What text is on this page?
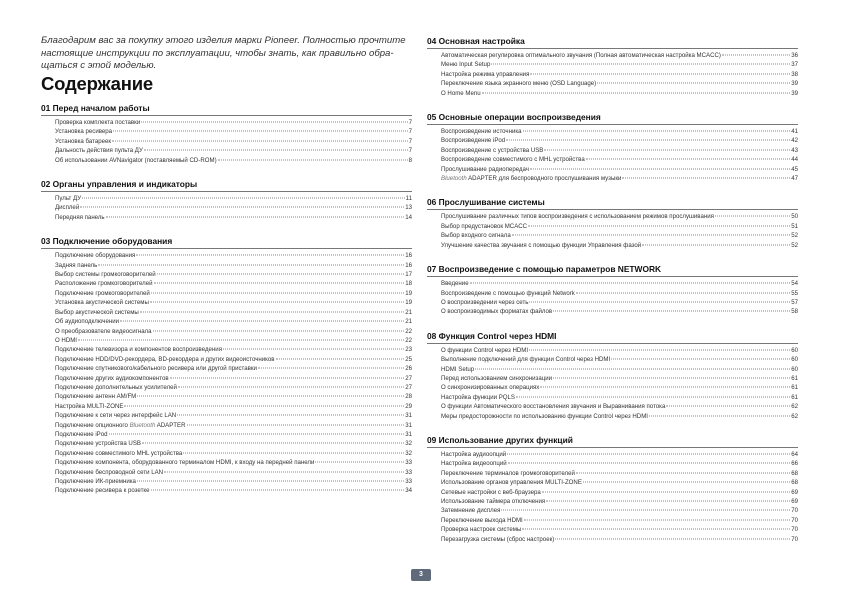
Благодарим вас за покупку этого изделия марки Pioneer. Полностью прочтите
настоящие инструкции по эксплуатации, чтобы знать, как правильно обра-
щаться с этой моделью.
Содержание
01 Перед началом работы
Проверка комплекта поставки	7
Установка ресивера	7
Установка батареек	7
Дальность действия пульта ДУ	7
Об использовании AVNavigator (поставляемый CD-ROM)	8
02 Органы управления и индикаторы
Пульт ДУ	11
Дисплей	13
Передняя панель	14
03 Подключение оборудования
Подключение оборудования	16
Задняя панель	16
Выбор системы громкоговорителей	17
Расположение громкоговорителей	18
Подключение громкоговорителей	19
Установка акустической системы	19
Выбор акустической системы	21
Об аудиоподключении	21
О преобразователе видеосигнала	22
О HDMI	22
Подключение телевизора и компонентов воспроизведения	23
Подключение HDD/DVD-рекордера, BD-рекордера и других видеоисточников	25
Подключение спутникового/кабельного ресивера или другой приставки	26
Подключение других аудиокомпонентов	27
Подключение дополнительных усилителей	27
Подключение антенн AM/FM	28
Настройка MULTI-ZONE	29
Подключение к сети через интерфейс LAN	31
Подключение опционного Bluetooth ADAPTER	31
Подключение iPod	31
Подключение устройства USB	32
Подключение совместимого MHL устройства	32
Подключение компонента, оборудованного терминалом HDMI, к входу на передней панели	33
Подключение беспроводной сети LAN	33
Подключение ИК-приемника	33
Подключение ресивера к розетке	34
04 Основная настройка
Автоматическая регулировка оптимального звучания (Полная автоматическая настройка MCACC)	36
Меню Input Setup	37
Настройка режима управления	38
Переключение языка экранного меню (OSD Language)	39
О Home Menu	39
05 Основные операции воспроизведения
Воспроизведение источника	41
Воспроизведение iPod	42
Воспроизведение с устройства USB	43
Воспроизведение совместимого с MHL устройства	44
Прослушивание радиопередач	45
Bluetooth ADAPTER для беспроводного прослушивания музыки	47
06 Прослушивание системы
Прослушивание различных типов воспроизведения с использованием режимов прослушивания	50
Выбор предустановок MCACC	51
Выбор входного сигнала	52
Улучшение качества звучания с помощью функции Управления фазой	52
07 Воспроизведение с помощью параметров NETWORK
Введение	54
Воспроизведение с помощью функций Network	55
О воспроизведении через сеть	57
О воспроизводимых форматах файлов	58
08 Функция Control через HDMI
О функции Control через HDMI	60
Выполнение подключений для функции Control через HDMI	60
HDMI Setup	60
Перед использованием синхронизации	61
О синхронизированных операциях	61
Настройка функции PQLS	61
О функции Автоматического восстановления звучания и Выравнивания потока	62
Меры предосторожности по использованию функции Control через HDMI	62
09 Использование других функций
Настройка аудиоопций	64
Настройка видеоопций	66
Переключение терминалов громкоговорителей	68
Использование органов управления MULTI-ZONE	68
Сетевые настройки с веб-браузера	69
Использование таймера отключения	69
Затемнение дисплея	70
Переключение выхода HDMI	70
Проверка настроек системы	70
Перезагрузка системы (сброс настроек)	70
3
